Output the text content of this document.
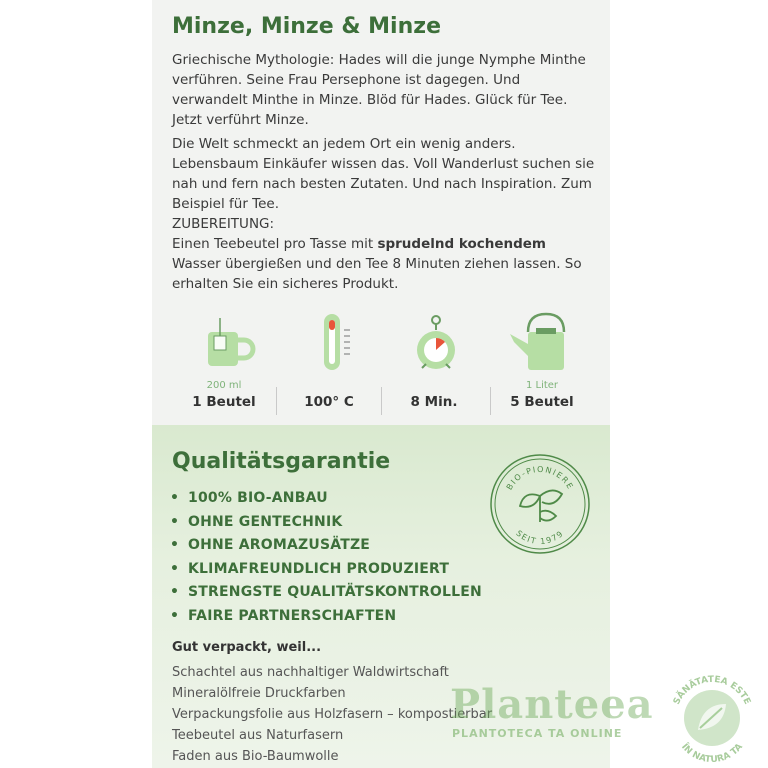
Minze, Minze & Minze

Griechische Mythologie: Hades will die junge Nymphe Minthe verführen. Seine Frau Persephone ist dagegen. Und verwandelt Minthe in Minze. Blöd für Hades. Glück für Tee. Jetzt verführt Minze.

Die Welt schmeckt an jedem Ort ein wenig anders. Lebensbaum Einkäufer wissen das. Voll Wanderlust suchen sie nah und fern nach besten Zutaten. Und nach Inspiration. Zum Beispiel für Tee.

ZUBEREITUNG:
Einen Teebeutel pro Tasse mit sprudelnd kochendem Wasser übergießen und den Tee 8 Minuten ziehen lassen. So erhalten Sie ein sicheres Produkt.

200 ml
1 Beutel	100° C	8 Min.
1 Liter
5 Beutel
Qualitätsgarantie
• 100% BIO-ANBAU
• OHNE GENTECHNIK
• OHNE AROMAZUSÄTZE
• KLIMAFREUNDLICH PRODUZIERT
• STRENGSTE QUALITÄTSKONTROLLEN
• FAIRE PARTNERSCHAFTEN
BIO-PIONIERE
SEIT 1979

Gut verpackt, weil...

Schachtel aus nachhaltiger Waldwirtschaft
Mineralölfreie Druckfarben
Verpackungsfolie aus Holzfasern – kompostierbar
Teebeutel aus Naturfasern
Faden aus Bio-Baumwolle
Planteea
PLANTOTECA TA ONLINE
SĂNĂTATEA ESTE
ÎN NATURA TA
